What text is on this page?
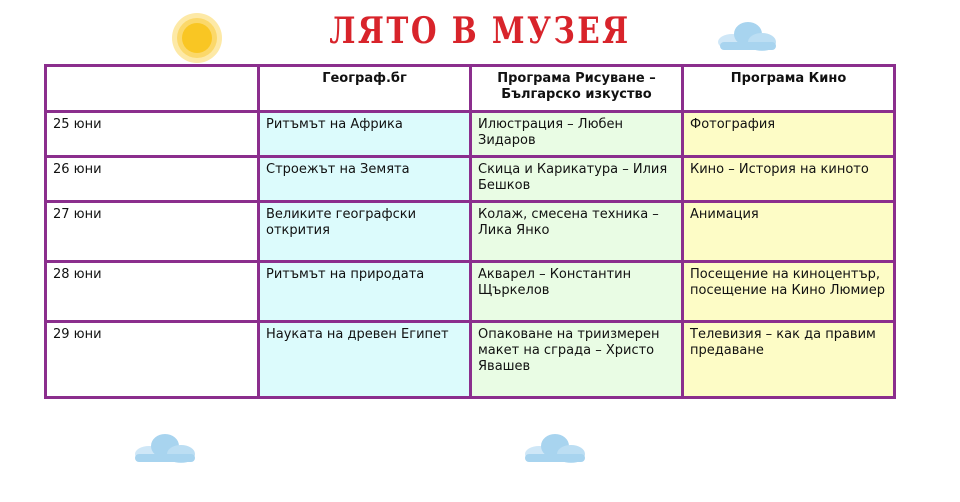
ЛЯТО В МУЗЕЯ
	Географ.бг	Програма Рисуване – Българско изкуство	Програма Кино
25 юни	Ритъмът на Африка	Илюстрация – Любен Зидаров	Фотография
26 юни	Строежът на Земята	Скица и Карикатура – Илия Бешков	Кино – История на киното
27 юни	Великите географски открития	Колаж, смесена техника – Лика Янко	Анимация
28 юни	Ритъмът на природата	Акварел – Константин Щъркелов	Посещение на киноцентър, посещение на Кино Люмиер
29 юни	Науката на древен Египет	Опаковане на триизмерен макет на сграда – Христо Явашев	Телевизия – как да правим предаване
